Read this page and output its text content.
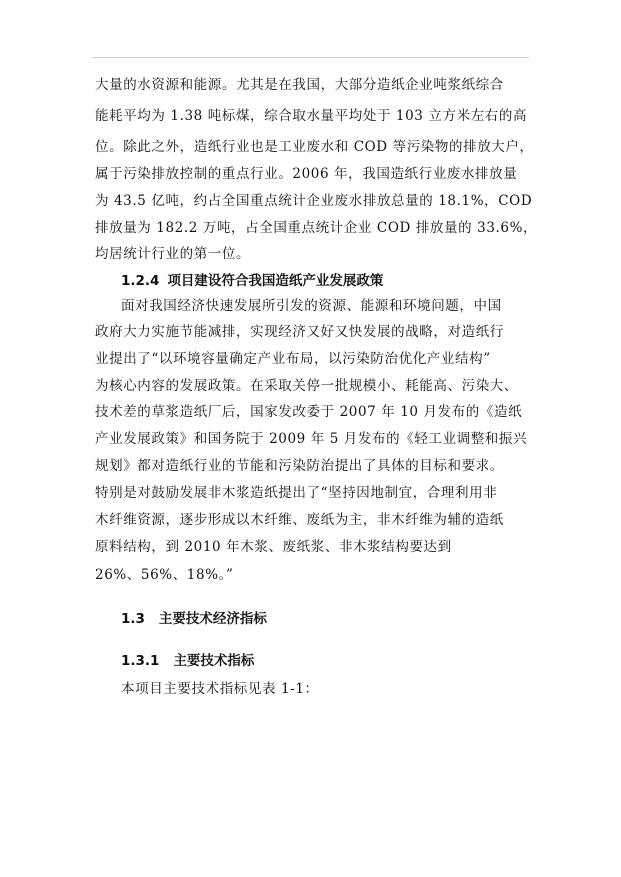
大量的水资源和能源。尤其是在我国，大部分造纸企业吨浆纸综合
能耗平均为 1.38 吨标煤，综合取水量平均处于 103 立方米左右的高
位。除此之外，造纸行业也是工业废水和 COD 等污染物的排放大户，
属于污染排放控制的重点行业。2006 年，我国造纸行业废水排放量
为 43.5 亿吨，约占全国重点统计企业废水排放总量的 18.1%，COD
排放量为 182.2 万吨，占全国重点统计企业 COD 排放量的 33.6%，
均居统计行业的第一位。
1.2.4 项目建设符合我国造纸产业发展政策
面对我国经济快速发展所引发的资源、能源和环境问题，中国
政府大力实施节能减排，实现经济又好又快发展的战略，对造纸行
业提出了“以环境容量确定产业布局，以污染防治优化产业结构”
为核心内容的发展政策。在采取关停一批规模小、耗能高、污染大、
技术差的草浆造纸厂后，国家发改委于 2007 年 10 月发布的《造纸
产业发展政策》和国务院于 2009 年 5 月发布的《轻工业调整和振兴
规划》都对造纸行业的节能和污染防治提出了具体的目标和要求。
特别是对鼓励发展非木浆造纸提出了“坚持因地制宜，合理利用非
木纤维资源，逐步形成以木纤维、废纸为主，非木纤维为辅的造纸
原料结构，到 2010 年木浆、废纸浆、非木浆结构要达到
26%、56%、18%。”
1.3 主要技术经济指标
1.3.1 主要技术指标
本项目主要技术指标见表 1-1：
